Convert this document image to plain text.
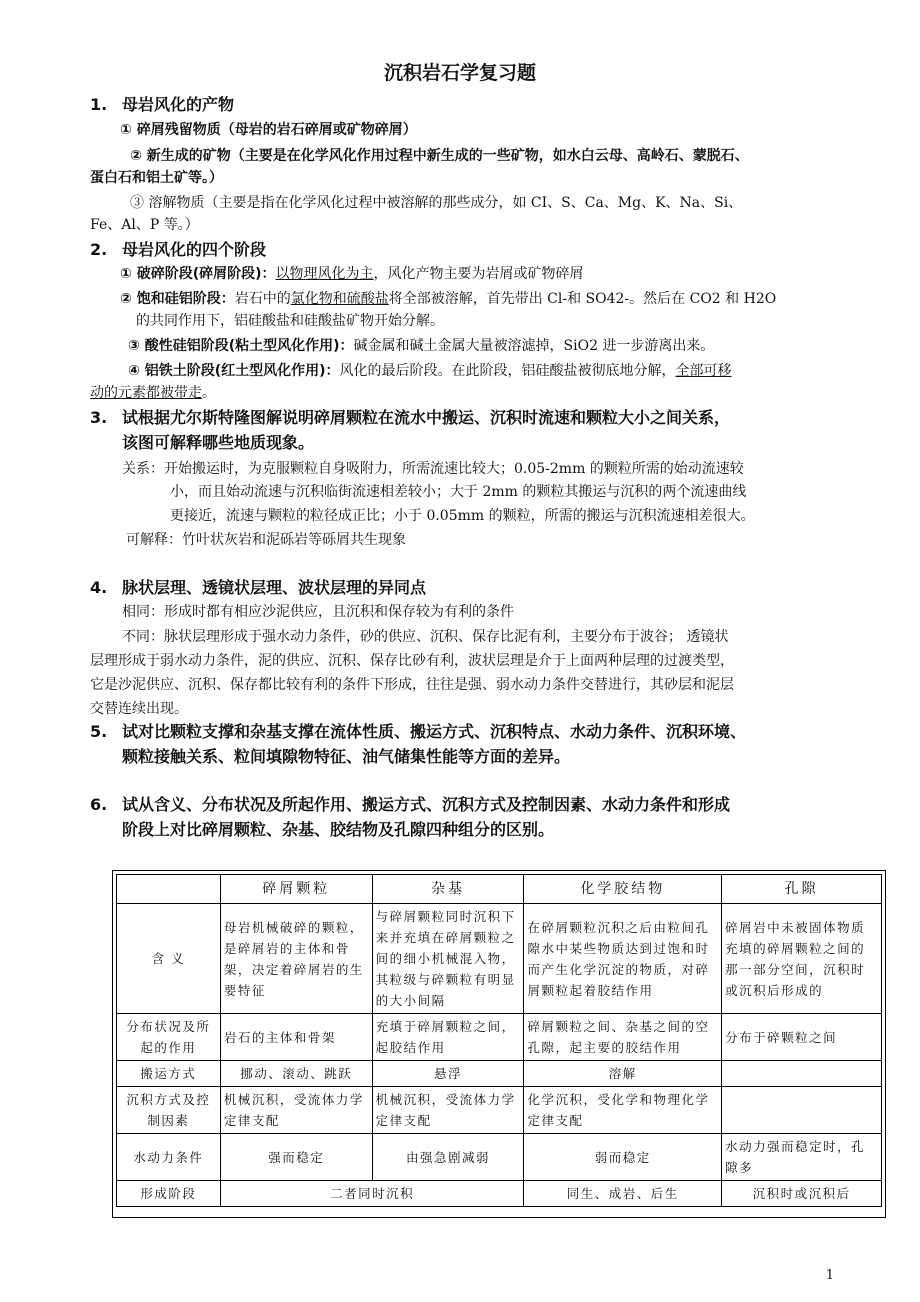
沉积岩石学复习题
1. 母岩风化的产物
① 碎屑残留物质（母岩的岩石碎屑或矿物碎屑）
② 新生成的矿物（主要是在化学风化作用过程中新生成的一些矿物，如水白云母、高岭石、蒙脱石、
蛋白石和铝土矿等。）
③ 溶解物质（主要是指在化学风化过程中被溶解的那些成分，如 CI、S、Ca、Mg、K、Na、Si、
Fe、Al、P 等。）
2. 母岩风化的四个阶段
① 破碎阶段(碎屑阶段)：以物理风化为主，风化产物主要为岩屑或矿物碎屑
② 饱和硅铝阶段：岩石中的氯化物和硫酸盐将全部被溶解，首先带出 Cl-和 SO42-。然后在 CO2 和 H2O
的共同作用下，铝硅酸盐和硅酸盐矿物开始分解。
③ 酸性硅铝阶段(粘土型风化作用)：碱金属和碱土金属大量被溶滤掉，SiO2 进一步游离出来。
④ 铝铁土阶段(红土型风化作用)：风化的最后阶段。在此阶段，铝硅酸盐被彻底地分解，全部可移
动的元素都被带走。
3. 试根据尤尔斯特隆图解说明碎屑颗粒在流水中搬运、沉积时流速和颗粒大小之间关系，
该图可解释哪些地质现象。
关系：开始搬运时，为克服颗粒自身吸附力，所需流速比较大；0.05-2mm 的颗粒所需的始动流速较
小，而且始动流速与沉积临街流速相差较小；大于 2mm 的颗粒其搬运与沉积的两个流速曲线
更接近，流速与颗粒的粒径成正比；小于 0.05mm 的颗粒，所需的搬运与沉积流速相差很大。
可解释：竹叶状灰岩和泥砾岩等砾屑共生现象
4. 脉状层理、透镜状层理、波状层理的异同点
相同：形成时都有相应沙泥供应，且沉积和保存较为有利的条件
不同：脉状层理形成于强水动力条件，砂的供应、沉积、保存比泥有利，主要分布于波谷； 透镜状
层理形成于弱水动力条件，泥的供应、沉积、保存比砂有利，波状层理是介于上面两种层理的过渡类型，
它是沙泥供应、沉积、保存都比较有利的条件下形成，往往是强、弱水动力条件交替进行，其砂层和泥层
交替连续出现。
5. 试对比颗粒支撑和杂基支撑在流体性质、搬运方式、沉积特点、水动力条件、沉积环境、
颗粒接触关系、粒间填隙物特征、油气储集性能等方面的差异。
6. 试从含义、分布状况及所起作用、搬运方式、沉积方式及控制因素、水动力条件和形成
阶段上对比碎屑颗粒、杂基、胶结物及孔隙四种组分的区别。
	碎屑颗粒	杂基	化学胶结物	孔隙
含 义	母岩机械破碎的颗粒，是碎屑岩的主体和骨架，决定着碎屑岩的生要特征	与碎屑颗粒同时沉积下来并充填在碎屑颗粒之间的细小机械混入物，其粒级与碎颗粒有明显的大小间隔	在碎屑颗粒沉积之后由粒间孔隙水中某些物质达到过饱和时而产生化学沉淀的物质，对碎屑颗粒起着胶结作用	碎屑岩中未被固体物质充填的碎屑颗粒之间的那一部分空间，沉积时或沉积后形成的
分布状况及所起的作用	岩石的主体和骨架	充填于碎屑颗粒之间，起胶结作用	碎屑颗粒之间、杂基之间的空孔隙，起主要的胶结作用	分布于碎颗粒之间
搬运方式	挪动、滚动、跳跃	悬浮	溶解	
沉积方式及控制因素	机械沉积，受流体力学定律支配	机械沉积，受流体力学定律支配	化学沉积，受化学和物理化学定律支配	
水动力条件	强而稳定	由强急剧减弱	弱而稳定	水动力强而稳定时，孔隙多
形成阶段	二者同时沉积		同生、成岩、后生	沉积时或沉积后
1
